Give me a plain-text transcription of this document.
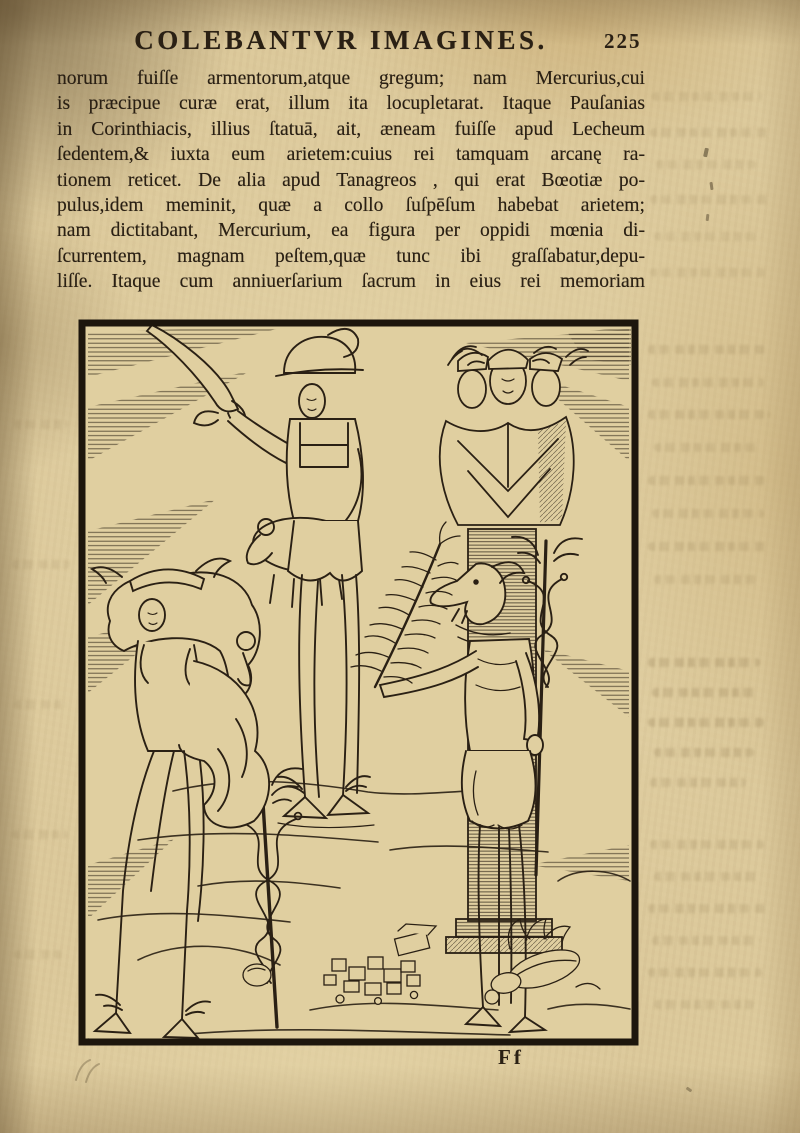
COLEBANTVR IMAGINES.	225
norum fuiſſe armentorum,atque gregum; nam Mercurius,cui
is præcipue curæ erat, illum ita locupletarat. Itaque Pauſanias
in Corinthiacis, illius ſtatuā, ait, æneam fuiſſe apud Lecheum
ſedentem,& iuxta eum arietem:cuius rei tamquam arcanę ra-
tionem reticet. De alia apud Tanagreos , qui erat Bœotiæ po-
pulus,idem meminit, quæ a collo ſuſpēſum habebat arietem;
nam dictitabant, Mercurium, ea figura per oppidi mœnia di-
ſcurrentem, magnam peſtem,quæ tunc ibi graſſabatur,depu-
liſſe. Itaque cum anniuerſarium ſacrum in eius rei memoriam
Ff
